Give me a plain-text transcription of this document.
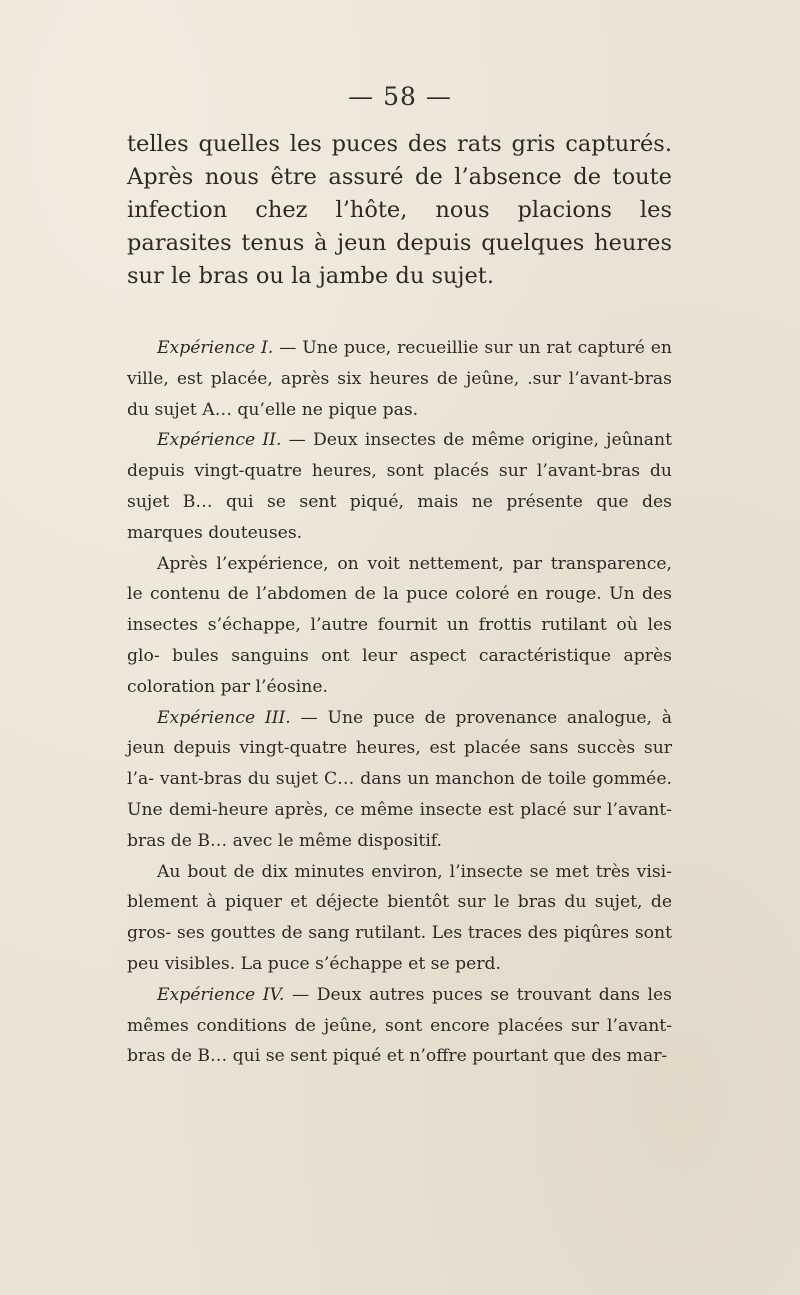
— 58 —

telles quelles les puces des rats gris capturés. Après nous être assuré de l’absence de toute infection chez l’hôte, nous placions les parasites tenus à jeun depuis quelques heures sur le bras ou la jambe du sujet.

Expérience I. — Une puce, recueillie sur un rat capturé en ville, est placée, après six heures de jeûne, .sur l’avant-bras du sujet A… qu’elle ne pique pas.

Expérience II. — Deux insectes de même origine, jeûnant depuis vingt-quatre heures, sont placés sur l’avant-bras du sujet B… qui se sent piqué, mais ne présente que des marques douteuses.

Après l’expérience, on voit nettement, par transparence, le contenu de l’abdomen de la puce coloré en rouge. Un des insectes s’échappe, l’autre fournit un frottis rutilant où les glo- bules sanguins ont leur aspect caractéristique après coloration par l’éosine.

Expérience III. — Une puce de provenance analogue, à jeun depuis vingt-quatre heures, est placée sans succès sur l’a- vant-bras du sujet C… dans un manchon de toile gommée. Une demi-heure après, ce même insecte est placé sur l’avant-bras de B… avec le même dispositif.

Au bout de dix minutes environ, l’insecte se met très visi- blement à piquer et déjecte bientôt sur le bras du sujet, de gros- ses gouttes de sang rutilant. Les traces des piqûres sont peu visibles. La puce s’échappe et se perd.

Expérience IV. — Deux autres puces se trouvant dans les mêmes conditions de jeûne, sont encore placées sur l’avant- bras de B… qui se sent piqué et n’offre pourtant que des mar-
